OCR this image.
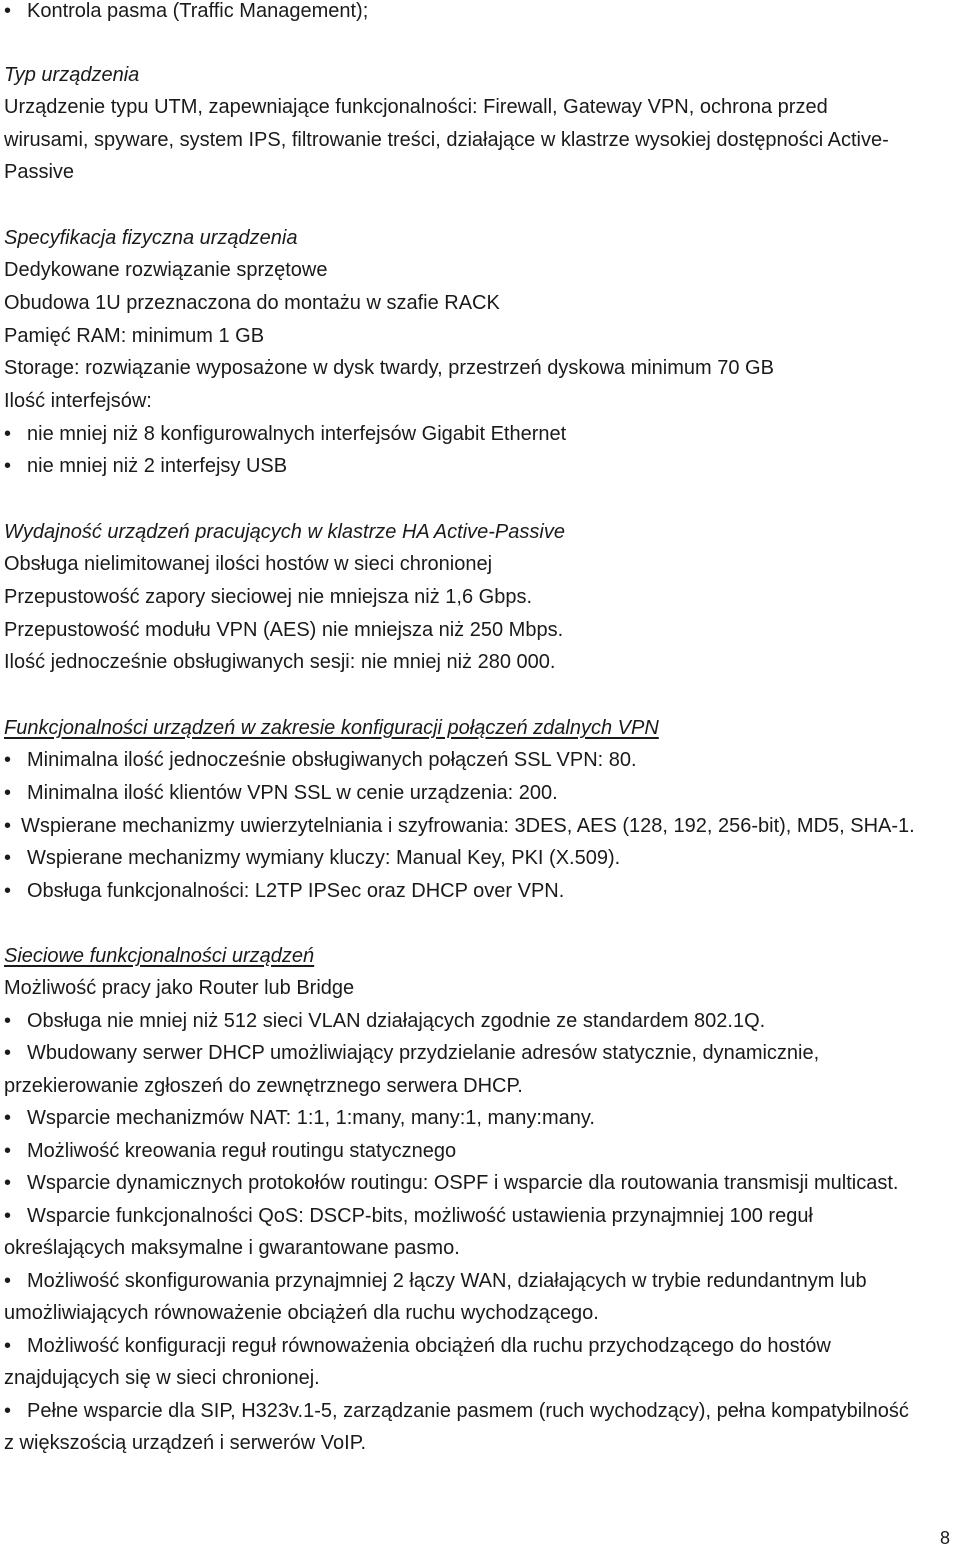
•
Kontrola pasma (Traffic Management);
Typ urządzenia
Urządzenie typu UTM, zapewniające funkcjonalności: Firewall, Gateway VPN, ochrona przed
wirusami, spyware, system IPS, filtrowanie treści, działające w klastrze wysokiej dostępności Active-
Passive
Specyfikacja fizyczna urządzenia
Dedykowane rozwiązanie sprzętowe
Obudowa 1U przeznaczona do montażu w szafie RACK
Pamięć RAM: minimum 1 GB
Storage: rozwiązanie wyposażone w dysk twardy, przestrzeń dyskowa minimum 70 GB
Ilość interfejsów:
•
nie mniej niż 8 konfigurowalnych interfejsów Gigabit Ethernet
•
nie mniej niż 2 interfejsy USB
Wydajność urządzeń pracujących w klastrze HA Active-Passive
Obsługa nielimitowanej ilości hostów w sieci chronionej
Przepustowość zapory sieciowej nie mniejsza niż 1,6 Gbps.
Przepustowość modułu VPN (AES) nie mniejsza niż 250 Mbps.
Ilość jednocześnie obsługiwanych sesji: nie mniej niż 280 000.
Funkcjonalności urządzeń w zakresie konfiguracji połączeń zdalnych VPN
•
Minimalna ilość jednocześnie obsługiwanych połączeń SSL VPN: 80.
•
Minimalna ilość klientów VPN SSL w cenie urządzenia: 200.
•
Wspierane mechanizmy uwierzytelniania i szyfrowania: 3DES, AES (128, 192, 256-bit), MD5, SHA-1.
•
Wspierane mechanizmy wymiany kluczy: Manual Key, PKI (X.509).
•
Obsługa funkcjonalności: L2TP IPSec oraz DHCP over VPN.
Sieciowe funkcjonalności urządzeń
Możliwość pracy jako Router lub Bridge
•
Obsługa nie mniej niż 512 sieci VLAN działających zgodnie ze standardem 802.1Q.
•
Wbudowany serwer DHCP umożliwiający przydzielanie adresów statycznie, dynamicznie,
przekierowanie zgłoszeń do zewnętrznego serwera DHCP.
•
Wsparcie mechanizmów NAT: 1:1, 1:many, many:1, many:many.
•
Możliwość kreowania reguł routingu statycznego
•
Wsparcie dynamicznych protokołów routingu: OSPF i wsparcie dla routowania transmisji multicast.
•
Wsparcie funkcjonalności QoS: DSCP-bits, możliwość ustawienia przynajmniej 100 reguł
określających maksymalne i gwarantowane pasmo.
•
Możliwość skonfigurowania przynajmniej 2 łączy WAN, działających w trybie redundantnym lub
umożliwiających równoważenie obciążeń dla ruchu wychodzącego.
•
Możliwość konfiguracji reguł równoważenia obciążeń dla ruchu przychodzącego do hostów
znajdujących się w sieci chronionej.
•
Pełne wsparcie dla SIP, H323v.1-5, zarządzanie pasmem (ruch wychodzący), pełna kompatybilność
z większością urządzeń i serwerów VoIP.
8
